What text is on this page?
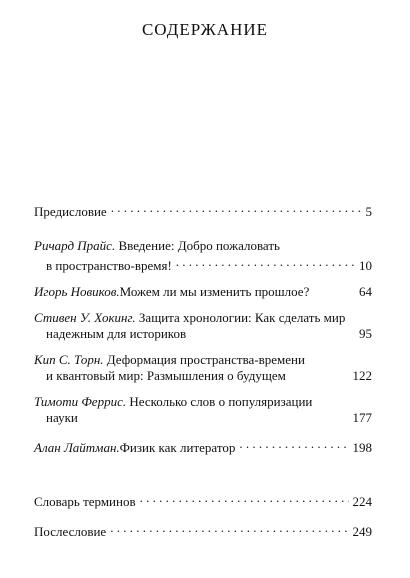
СОДЕРЖАНИЕ
Предисловие . . .	5
Ричард Прайс. Введение: Добро пожаловать
в пространство-время! . . .	10
Игорь Новиков. Можем ли мы изменить прошлое?	64
Стивен У. Хокинг. Защита хронологии: Как сделать мир
надежным для историков	95
Кип С. Торн. Деформация пространства-времени
и квантовый мир: Размышления о будущем	122
Тимоти Феррис. Несколько слов о популяризации
науки	177
Алан Лайтман. Физик как литератор . . .	198
Словарь терминов . . .	224
Послесловие . . .	249
